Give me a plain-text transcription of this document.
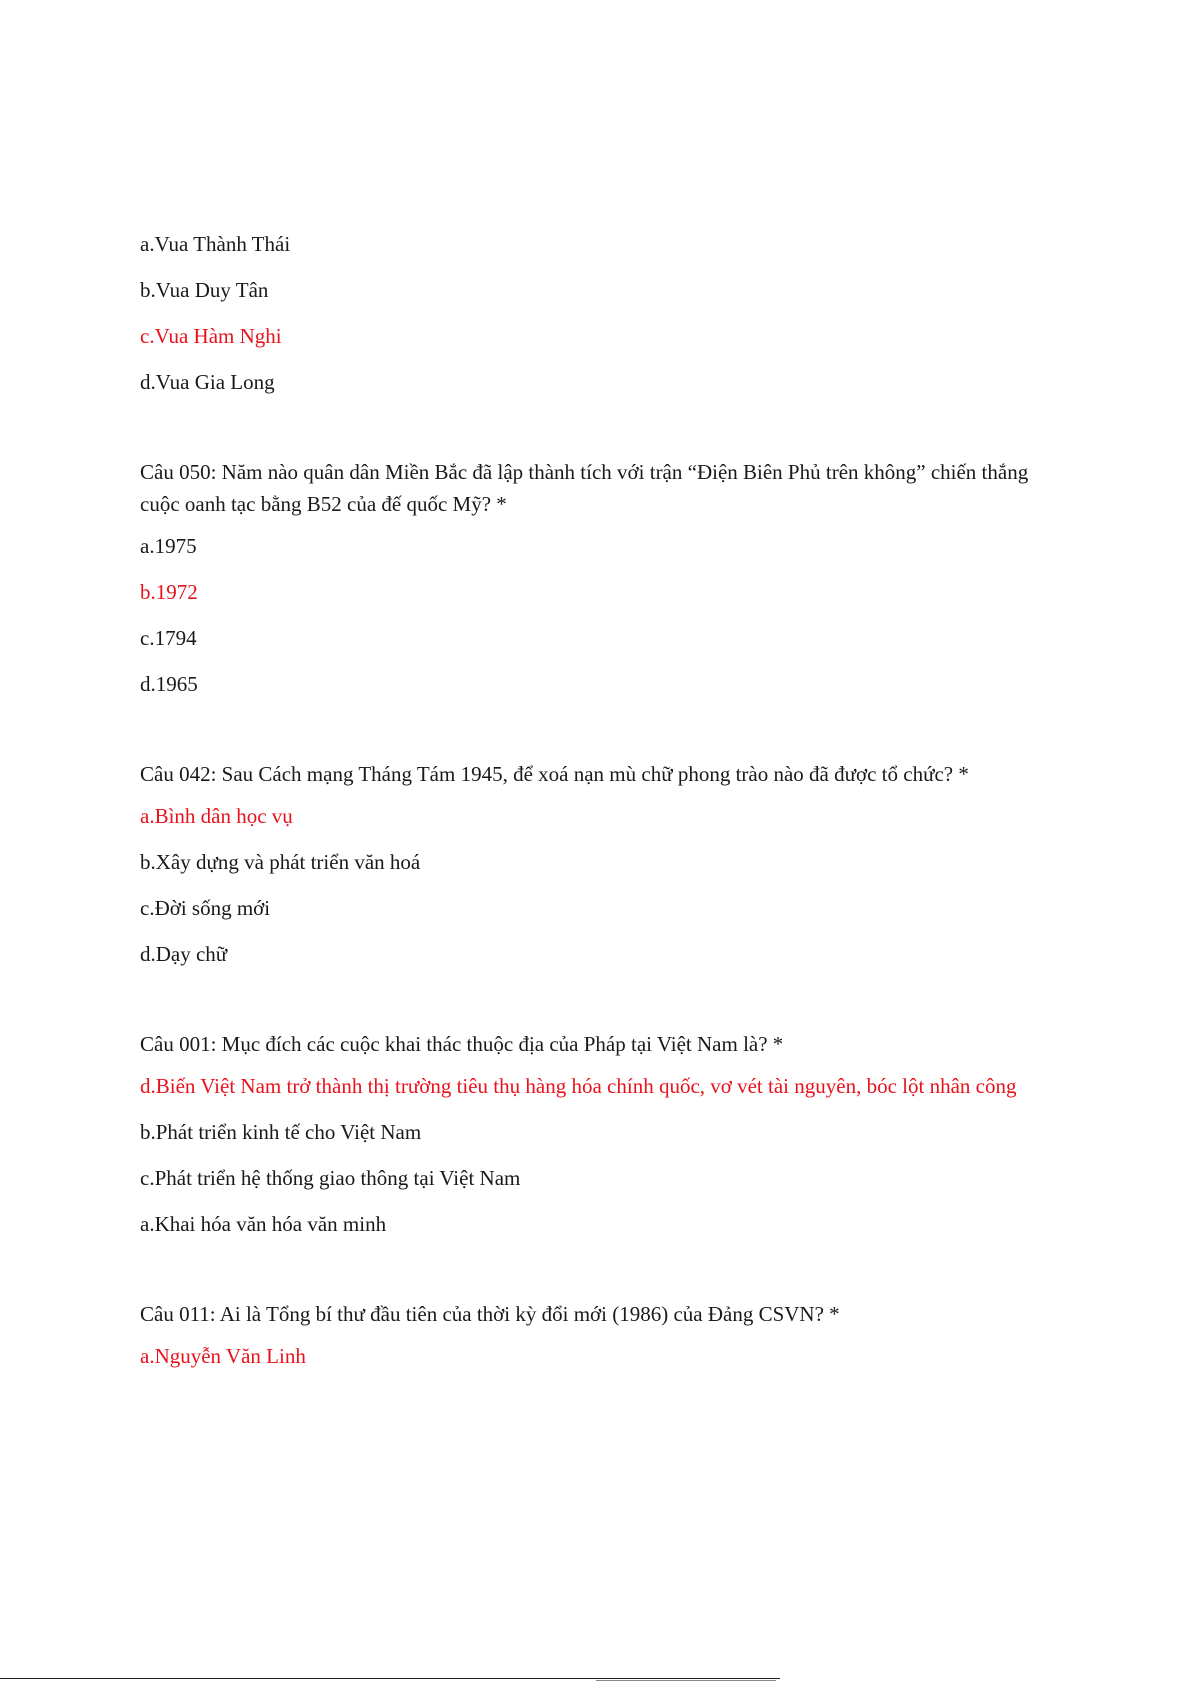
a.Vua Thành Thái
b.Vua Duy Tân
c.Vua Hàm Nghi
d.Vua Gia Long
Câu 050: Năm nào quân dân Miền Bắc đã lập thành tích với trận “Điện Biên Phủ trên không” chiến thắng cuộc oanh tạc bằng B52 của đế quốc Mỹ? *
a.1975
b.1972
c.1794
d.1965
Câu 042: Sau Cách mạng Tháng Tám 1945, để xoá nạn mù chữ phong trào nào đã được tổ chức? *
a.Bình dân học vụ
b.Xây dựng và phát triển văn hoá
c.Đời sống mới
d.Dạy chữ
Câu 001: Mục đích các cuộc khai thác thuộc địa của Pháp tại Việt Nam là? *
d.Biến Việt Nam trở thành thị trường tiêu thụ hàng hóa chính quốc, vơ vét tài nguyên, bóc lột nhân công
b.Phát triển kinh tế cho Việt Nam
c.Phát triển hệ thống giao thông tại Việt Nam
a.Khai hóa văn hóa văn minh
Câu 011: Ai là Tổng bí thư đầu tiên của thời kỳ đổi mới (1986) của Đảng CSVN? *
a.Nguyễn Văn Linh
